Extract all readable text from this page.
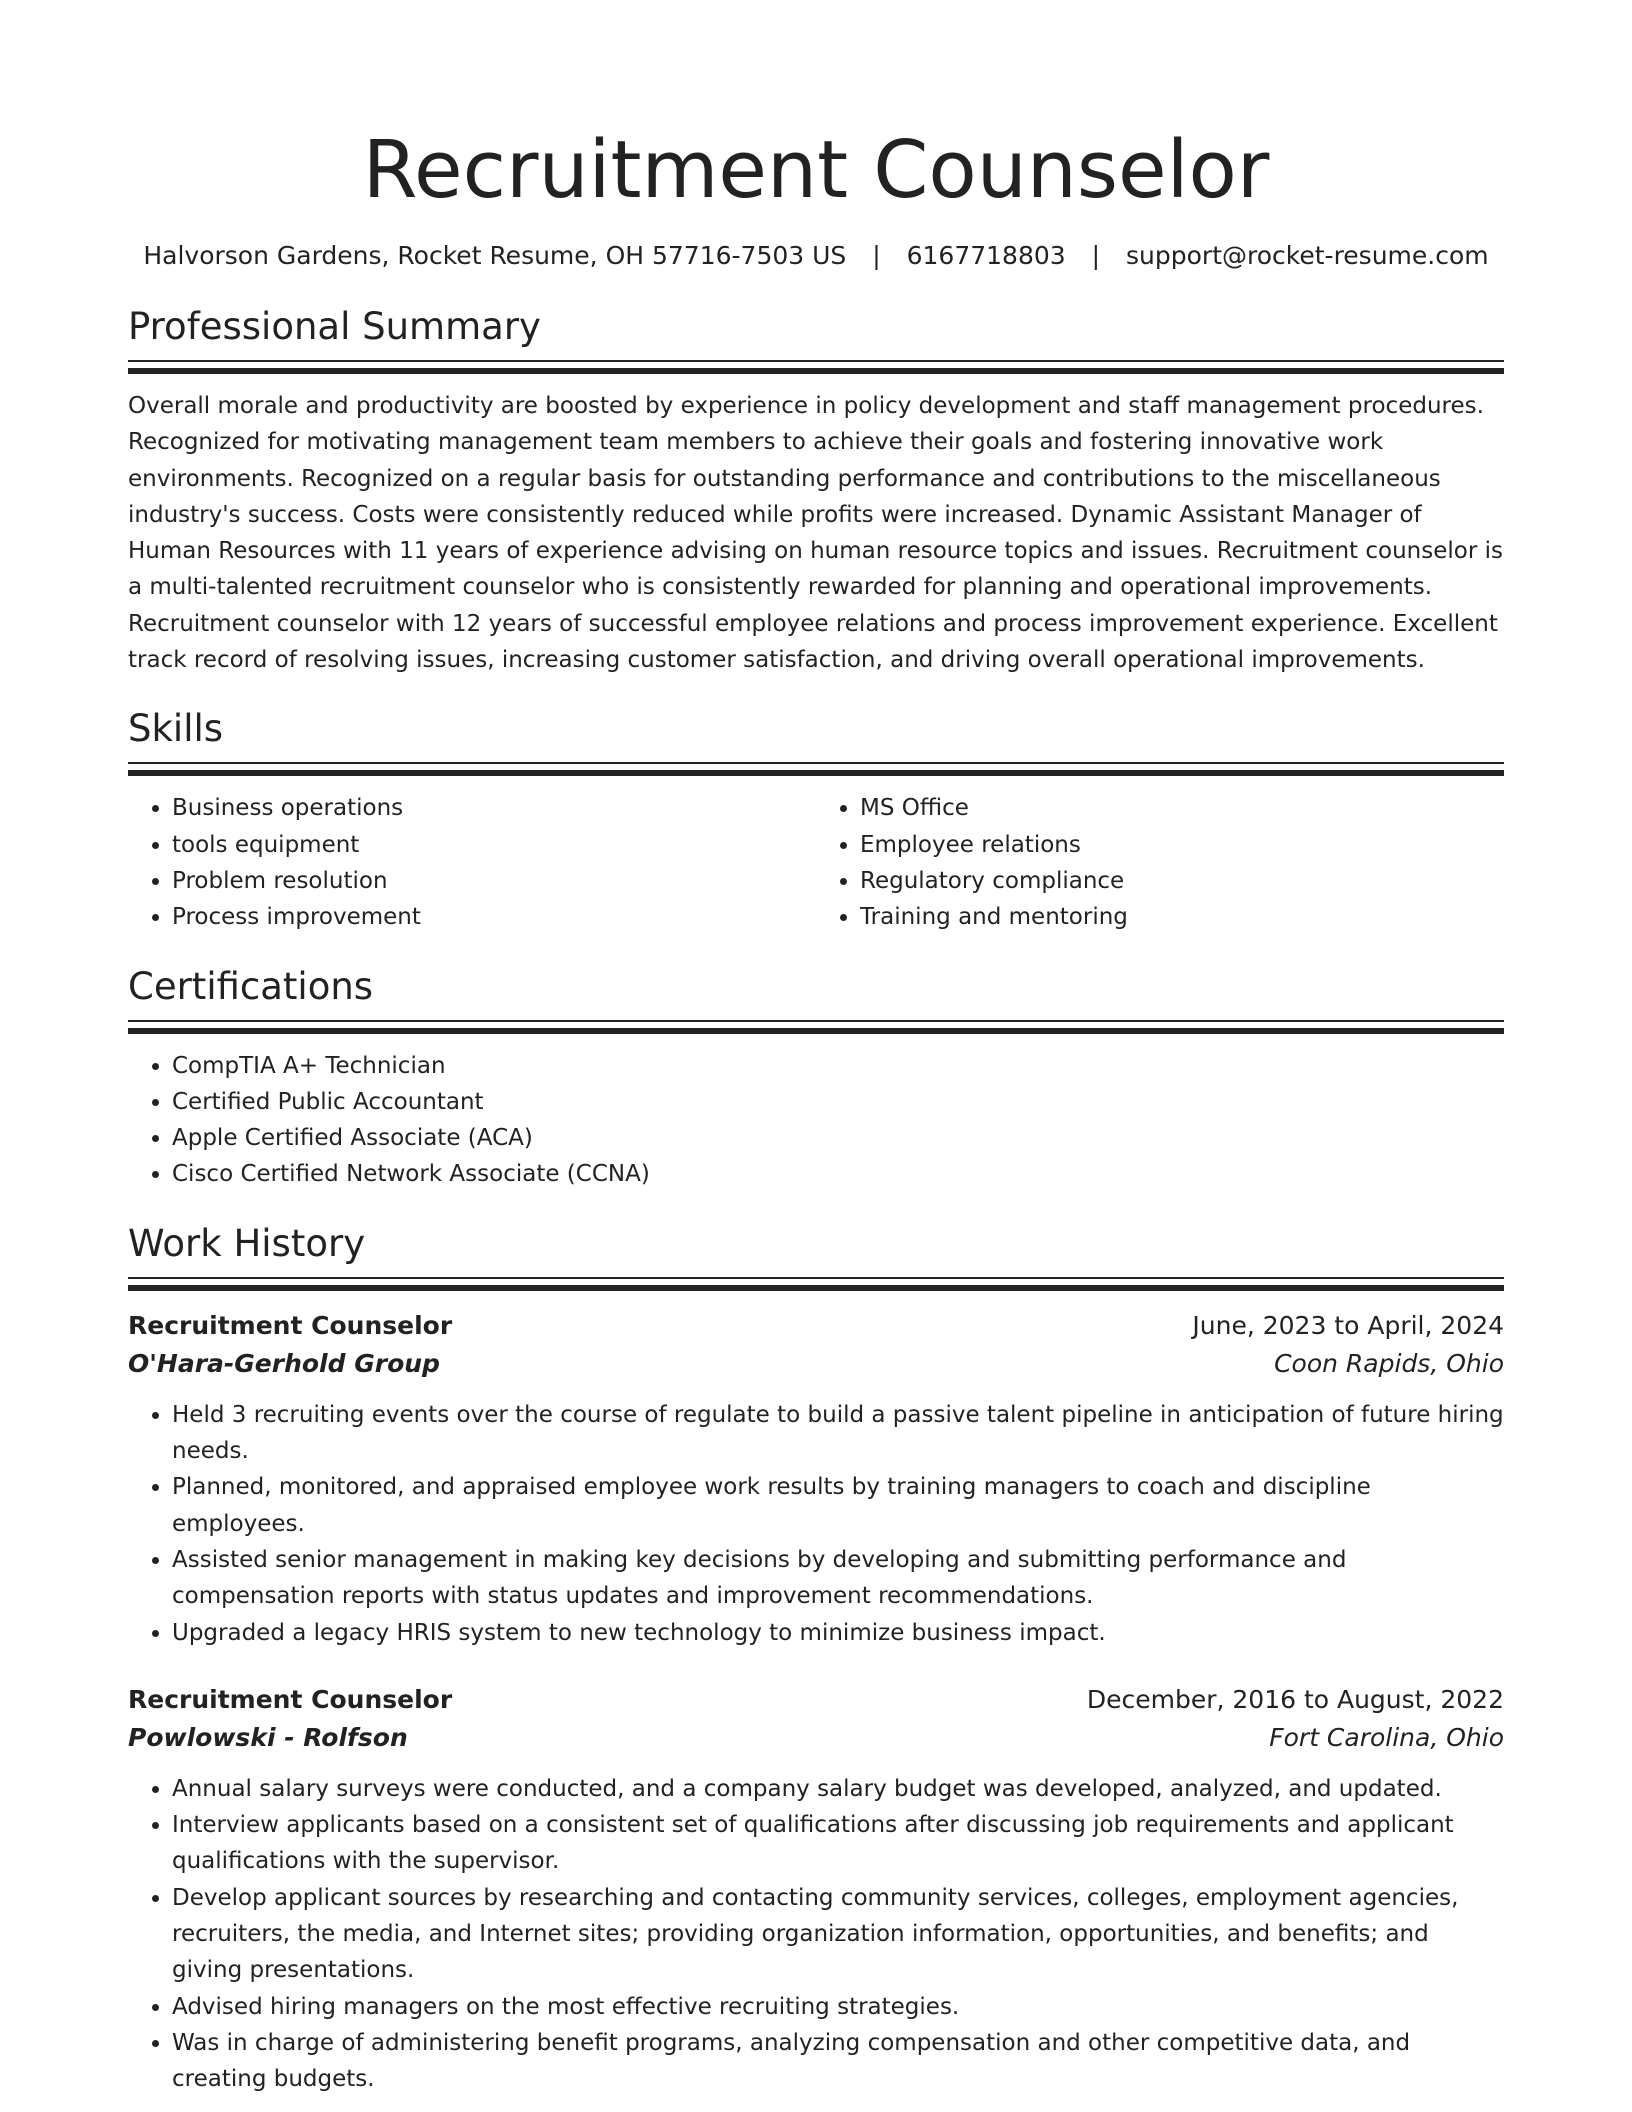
Recruitment Counselor
Halvorson Gardens, Rocket Resume, OH 57716-7503 US | 6167718803 | support@rocket-resume.com
Professional Summary

Overall morale and productivity are boosted by experience in policy development and staff management procedures. Recognized for motivating management team members to achieve their goals and fostering innovative work environments. Recognized on a regular basis for outstanding performance and contributions to the miscellaneous industry's success. Costs were consistently reduced while profits were increased. Dynamic Assistant Manager of Human Resources with 11 years of experience advising on human resource topics and issues. Recruitment counselor is a multi-talented recruitment counselor who is consistently rewarded for planning and operational improvements. Recruitment counselor with 12 years of successful employee relations and process improvement experience. Excellent track record of resolving issues, increasing customer satisfaction, and driving overall operational improvements.

Skills
• Business operations
• tools equipment
• Problem resolution
• Process improvement
• MS Office
• Employee relations
• Regulatory compliance
• Training and mentoring
Certifications
• CompTIA A+ Technician
• Certified Public Accountant
• Apple Certified Associate (ACA)
• Cisco Certified Network Associate (CCNA)
Work History
Recruitment Counselor	June, 2023 to April, 2024
O'Hara-Gerhold Group	Coon Rapids, Ohio
• Held 3 recruiting events over the course of regulate to build a passive talent pipeline in anticipation of future hiring needs.
• Planned, monitored, and appraised employee work results by training managers to coach and discipline employees.
• Assisted senior management in making key decisions by developing and submitting performance and compensation reports with status updates and improvement recommendations.
• Upgraded a legacy HRIS system to new technology to minimize business impact.
Recruitment Counselor	December, 2016 to August, 2022
Powlowski - Rolfson	Fort Carolina, Ohio
• Annual salary surveys were conducted, and a company salary budget was developed, analyzed, and updated.
• Interview applicants based on a consistent set of qualifications after discussing job requirements and applicant qualifications with the supervisor.
• Develop applicant sources by researching and contacting community services, colleges, employment agencies, recruiters, the media, and Internet sites; providing organization information, opportunities, and benefits; and giving presentations.
• Advised hiring managers on the most effective recruiting strategies.
• Was in charge of administering benefit programs, analyzing compensation and other competitive data, and creating budgets.
